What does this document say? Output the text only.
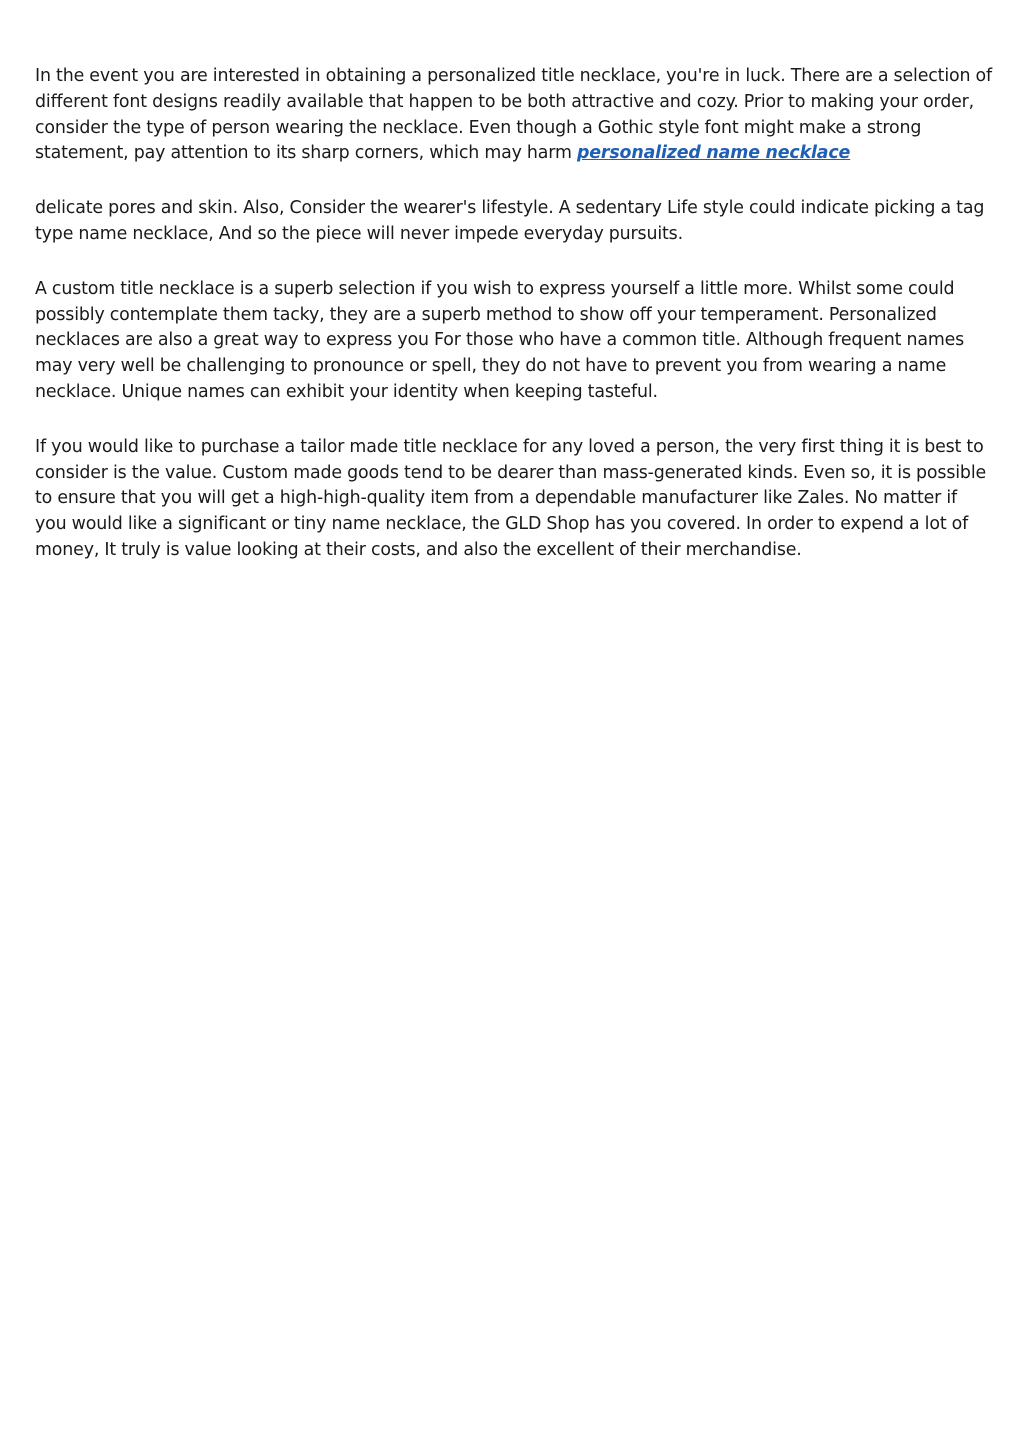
In the event you are interested in obtaining a personalized title necklace, you're in luck. There are a selection of different font designs readily available that happen to be both attractive and cozy. Prior to making your order, consider the type of person wearing the necklace. Even though a Gothic style font might make a strong statement, pay attention to its sharp corners, which may harm personalized name necklace

delicate pores and skin. Also, Consider the wearer's lifestyle. A sedentary Life style could indicate picking a tag type name necklace, And so the piece will never impede everyday pursuits.

A custom title necklace is a superb selection if you wish to express yourself a little more. Whilst some could possibly contemplate them tacky, they are a superb method to show off your temperament. Personalized necklaces are also a great way to express you For those who have a common title. Although frequent names may very well be challenging to pronounce or spell, they do not have to prevent you from wearing a name necklace. Unique names can exhibit your identity when keeping tasteful.

If you would like to purchase a tailor made title necklace for any loved a person, the very first thing it is best to consider is the value. Custom made goods tend to be dearer than mass-generated kinds. Even so, it is possible to ensure that you will get a high-high-quality item from a dependable manufacturer like Zales. No matter if you would like a significant or tiny name necklace, the GLD Shop has you covered. In order to expend a lot of money, It truly is value looking at their costs, and also the excellent of their merchandise.
